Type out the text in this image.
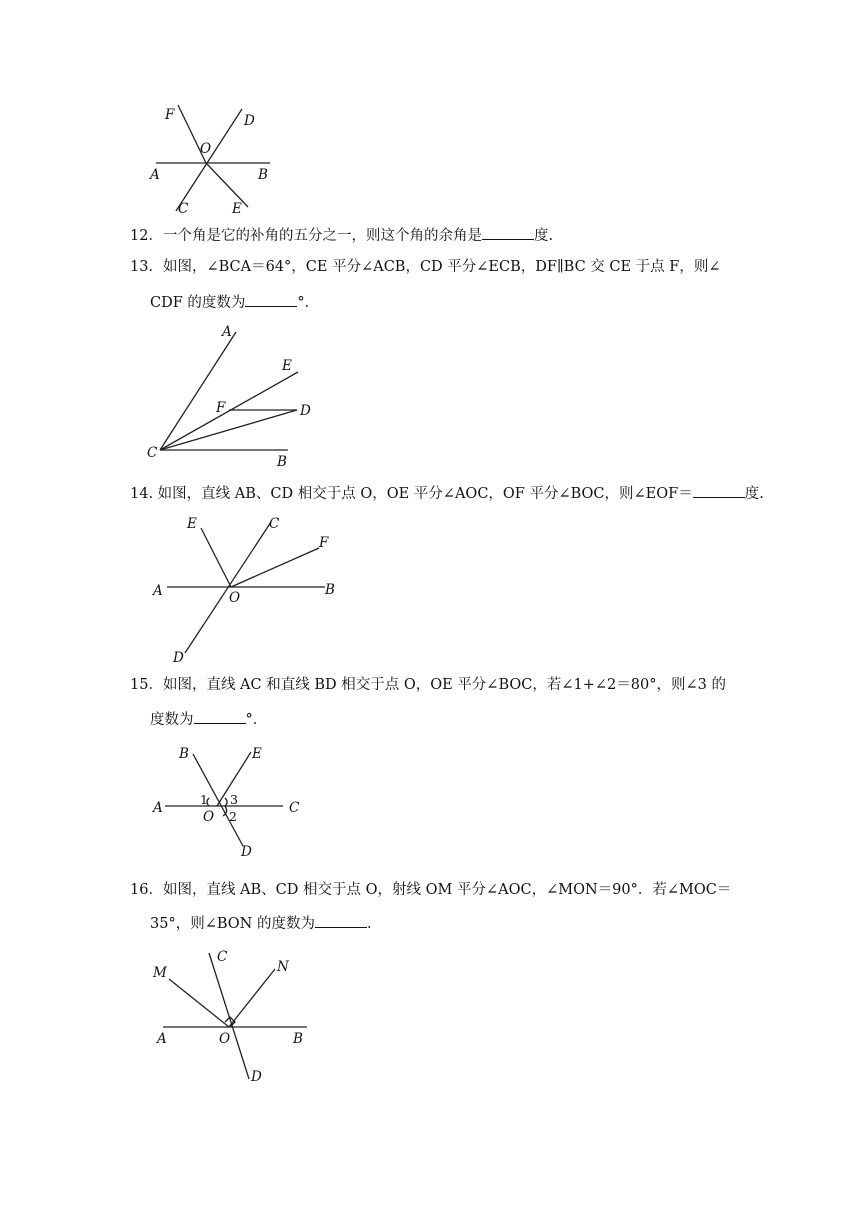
F	D
O
A	B
C	E
12．一个角是它的补角的五分之一，则这个角的余角是	度.
13．如图，∠BCA＝64°，CE 平分∠ACB，CD 平分∠ECB，DF∥BC 交 CE 于点 F，则∠
CDF 的度数为	°．
A
E
F	D
C
B
14. 如图，直线 AB、CD 相交于点 O，OE 平分∠AOC，OF 平分∠BOC，则∠EOF＝	度.
E	C
F
A	O	B
D
15．如图，直线 AC 和直线 BD 相交于点 O，OE 平分∠BOC，若∠1+∠2＝80°，则∠3 的
度数为	°．
B	E
A
1 3
C
O 2
D
16．如图，直线 AB、CD 相交于点 O，射线 OM 平分∠AOC，∠MON＝90°．若∠MOC＝
35°，则∠BON 的度数为	．
M
C
N
A	O	B
D
